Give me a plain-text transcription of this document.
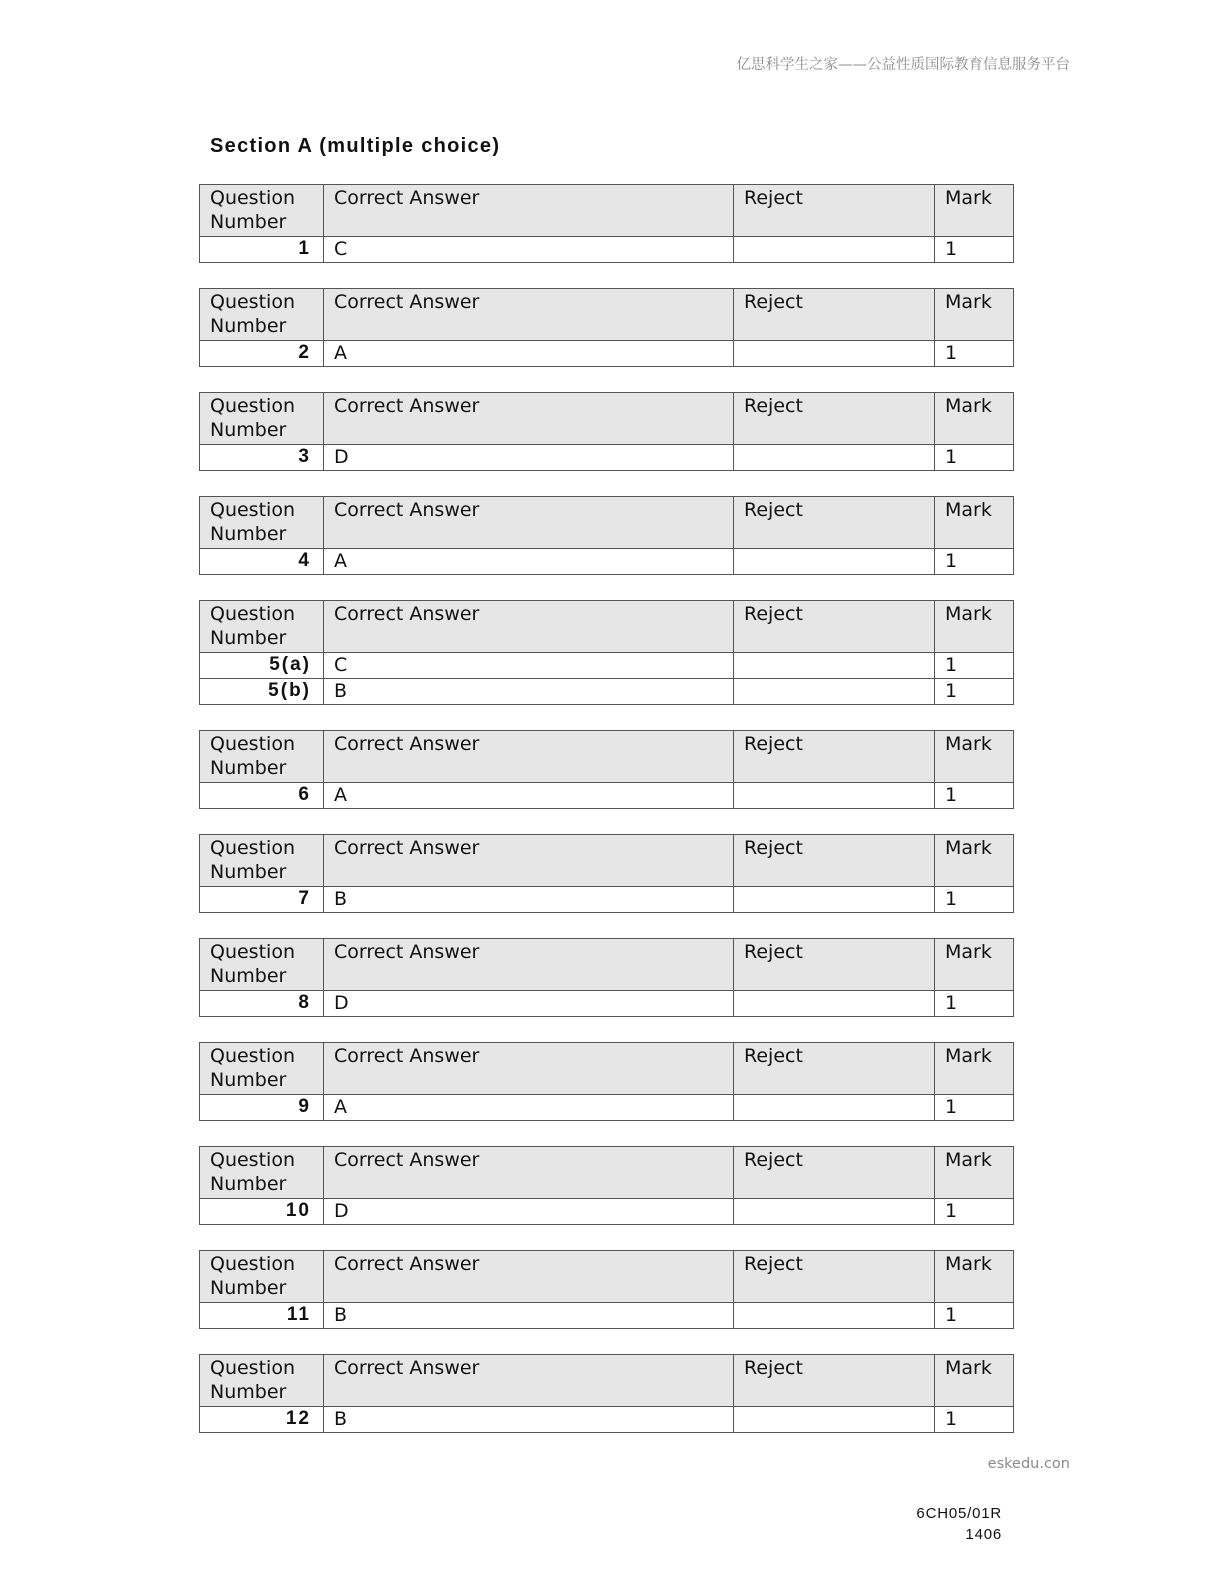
亿思科学生之家——公益性质国际教育信息服务平台
Section A (multiple choice)
Question Number	Correct Answer	Reject	Mark
1	C		1
Question Number	Correct Answer	Reject	Mark
2	A		1
Question Number	Correct Answer	Reject	Mark
3	D		1
Question Number	Correct Answer	Reject	Mark
4	A		1
Question Number	Correct Answer	Reject	Mark
5(a)	C		1
5(b)	B		1
Question Number	Correct Answer	Reject	Mark
6	A		1
Question Number	Correct Answer	Reject	Mark
7	B		1
Question Number	Correct Answer	Reject	Mark
8	D		1
Question Number	Correct Answer	Reject	Mark
9	A		1
Question Number	Correct Answer	Reject	Mark
10	D		1
Question Number	Correct Answer	Reject	Mark
11	B		1
Question Number	Correct Answer	Reject	Mark
12	B		1
eskedu.con
6CH05/01R
1406
